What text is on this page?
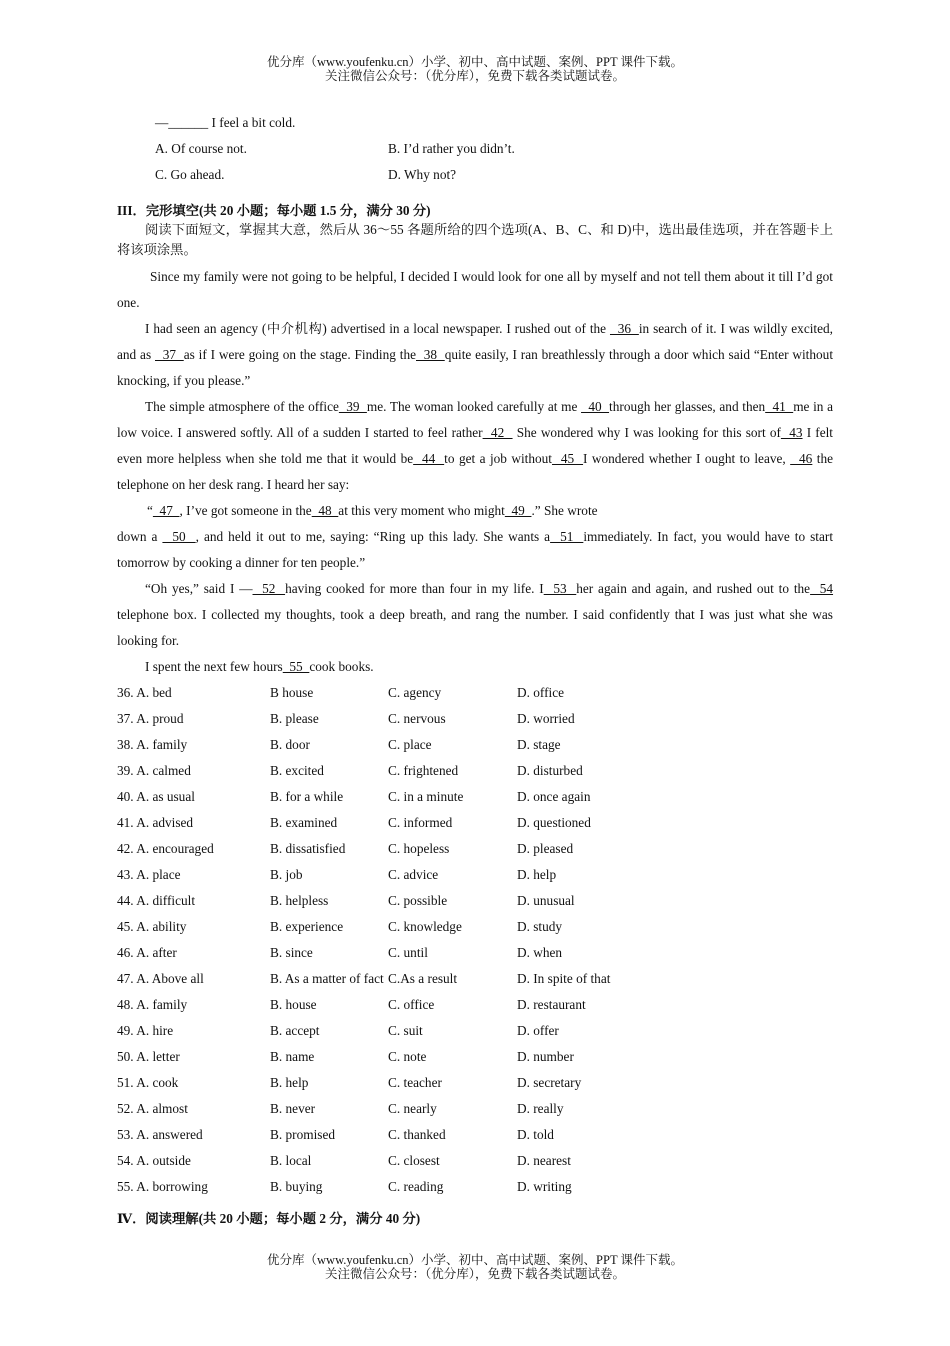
优分库（www.youfenku.cn）小学、初中、高中试题、案例、PPT 课件下载。
关注微信公众号：（优分库），免费下载各类试题试卷。
—______ I feel a bit cold.
A. Of course not.	B. I’d rather you didn’t.
C. Go ahead.	D. Why not?
III．完形填空(共 20 小题；每小题 1.5 分，满分 30 分)
阅读下面短文，掌握其大意，然后从 36～55 各题所给的四个选项(A、B、C、和 D)中，选出最佳选项，并在答题卡上将该项涂黑。
Since my family were not going to be helpful, I decided I would look for one all by myself and not tell them about it till I’d got one.
I had seen an agency (中介机构) advertised in a local newspaper. I rushed out of the   36  in search of it. I was wildly excited, and as   37  as if I were going on the stage. Finding the  38  quite easily, I ran breathlessly through a door which said “Enter without knocking, if you please.”
The simple atmosphere of the office  39  me. The woman looked carefully at me   40  through her glasses, and then  41  me in a low voice. I answered softly. All of a sudden I started to feel rather  42   She wondered why I was looking for this sort of  43 I felt even more helpless when she told me that it would be  44  to get a job without  45  I wondered whether I ought to leave,   46 the telephone on her desk rang. I heard her say:
“  47  , I’ve got someone in the  48  at this very moment who might  49  .” She wrote
down a   50  , and held it out to me, saying: “Ring up this lady. She wants a  51  immediately. In fact, you would have to start tomorrow by cooking a dinner for ten people.”
“Oh yes,” said I —  52  having cooked for more than four in my life. I  53  her again and again, and rushed out to the  54 telephone box. I collected my thoughts, took a deep breath, and rang the number. I said confidently that I was just what she was looking for.
I spent the next few hours  55  cook books.
36. A. bed	B house	C. agency	D. office
37. A. proud	B. please	C. nervous	D. worried
38. A. family	B. door	C. place	D. stage
39. A. calmed	B. excited	C. frightened	D. disturbed
40. A. as usual	B. for a while	C. in a minute	D. once again
41. A. advised	B. examined	C. informed	D. questioned
42. A. encouraged	B. dissatisfied	C. hopeless	D. pleased
43. A. place	B. job	C. advice	D. help
44. A. difficult	B. helpless	C. possible	D. unusual
45. A. ability	B. experience	C. knowledge	D. study
46. A. after	B. since	C. until	D. when
47. A. Above all	B. As a matter of fact C.As a result	D. In spite of that
48. A. family	B. house	C. office	D. restaurant
49. A. hire	B. accept	C. suit	D. offer
50. A. letter	B. name	C. note	D. number
51. A. cook	B. help	C. teacher	D. secretary
52. A. almost	B. never	C. nearly	D. really
53. A. answered	B. promised	C. thanked	D. told
54. A. outside	B. local	C. closest	D. nearest
55. A. borrowing	B. buying	C. reading	D. writing
Ⅳ．阅读理解(共 20 小题；每小题 2 分，满分 40 分)
优分库（www.youfenku.cn）小学、初中、高中试题、案例、PPT 课件下载。
关注微信公众号：（优分库），免费下载各类试题试卷。
